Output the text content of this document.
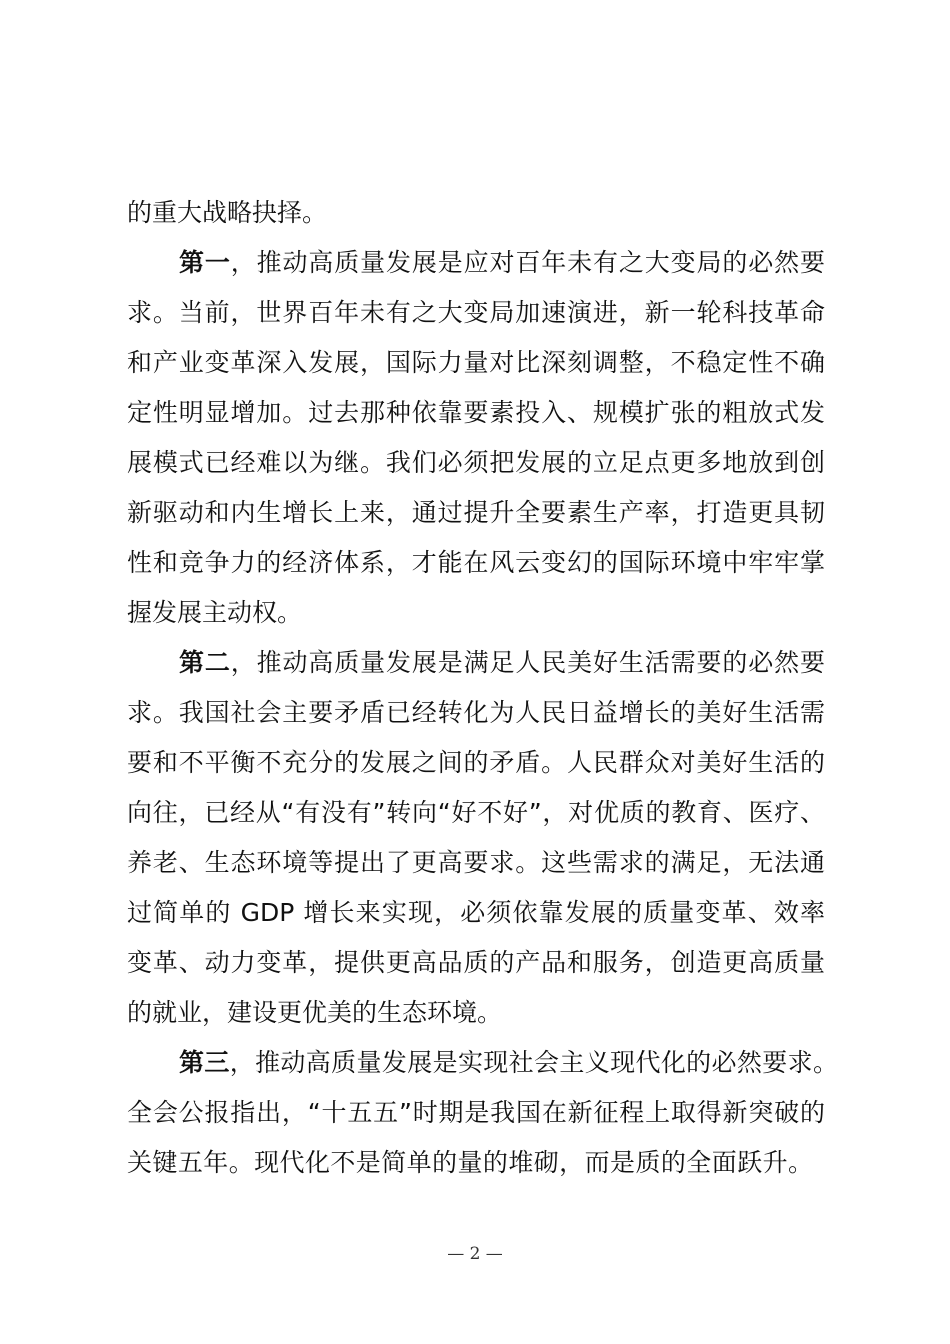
的重大战略抉择。
第一，推动高质量发展是应对百年未有之大变局的必然要
求。当前，世界百年未有之大变局加速演进，新一轮科技革命
和产业变革深入发展，国际力量对比深刻调整，不稳定性不确
定性明显增加。过去那种依靠要素投入、规模扩张的粗放式发
展模式已经难以为继。我们必须把发展的立足点更多地放到创
新驱动和内生增长上来，通过提升全要素生产率，打造更具韧
性和竞争力的经济体系，才能在风云变幻的国际环境中牢牢掌
握发展主动权。
第二，推动高质量发展是满足人民美好生活需要的必然要
求。我国社会主要矛盾已经转化为人民日益增长的美好生活需
要和不平衡不充分的发展之间的矛盾。人民群众对美好生活的
向往，已经从“有没有”转向“好不好”，对优质的教育、医疗、
养老、生态环境等提出了更高要求。这些需求的满足，无法通
过简单的 GDP 增长来实现，必须依靠发展的质量变革、效率
变革、动力变革，提供更高品质的产品和服务，创造更高质量
的就业，建设更优美的生态环境。
第三，推动高质量发展是实现社会主义现代化的必然要求。
全会公报指出，“十五五”时期是我国在新征程上取得新突破的
关键五年。现代化不是简单的量的堆砌，而是质的全面跃升。
— 2 —
